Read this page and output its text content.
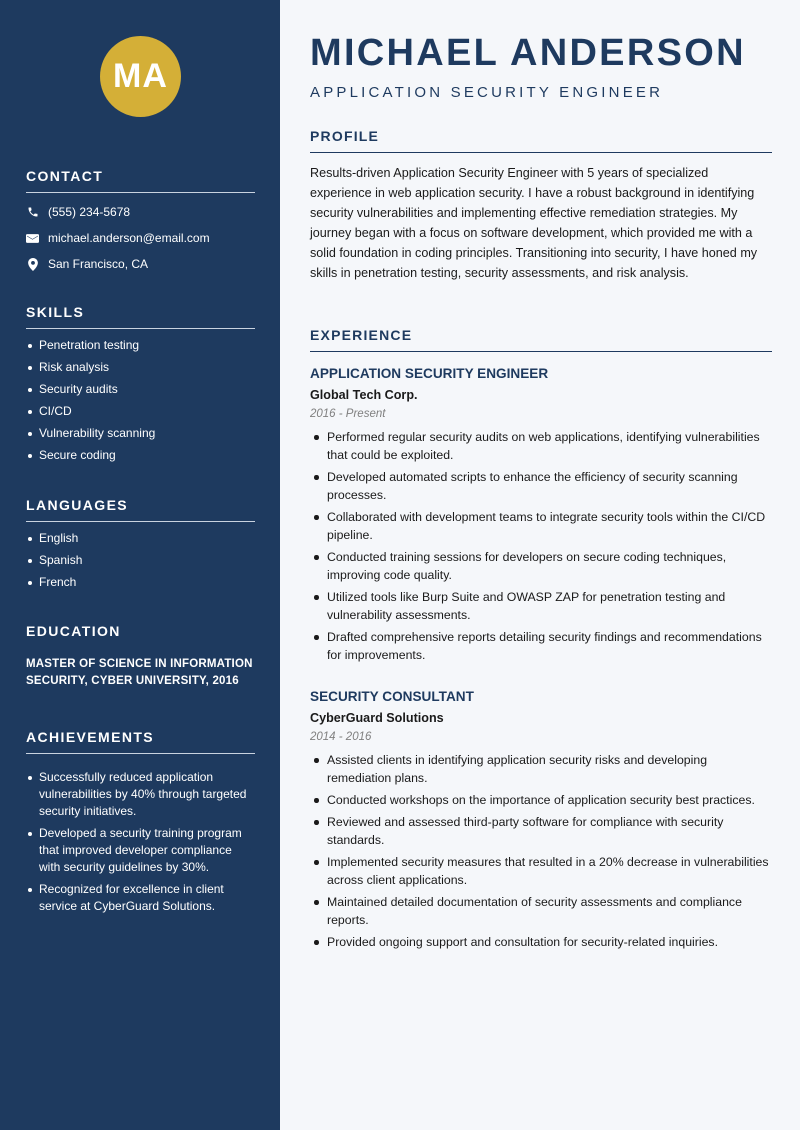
MA
CONTACT
(555) 234-5678
michael.anderson@email.com
San Francisco, CA
SKILLS
Penetration testing
Risk analysis
Security audits
CI/CD
Vulnerability scanning
Secure coding
LANGUAGES
English
Spanish
French
EDUCATION
MASTER OF SCIENCE IN INFORMATION SECURITY, CYBER UNIVERSITY, 2016
ACHIEVEMENTS
Successfully reduced application vulnerabilities by 40% through targeted security initiatives.
Developed a security training program that improved developer compliance with security guidelines by 30%.
Recognized for excellence in client service at CyberGuard Solutions.
MICHAEL ANDERSON
APPLICATION SECURITY ENGINEER
PROFILE
Results-driven Application Security Engineer with 5 years of specialized experience in web application security. I have a robust background in identifying security vulnerabilities and implementing effective remediation strategies. My journey began with a focus on software development, which provided me with a solid foundation in coding principles. Transitioning into security, I have honed my skills in penetration testing, security assessments, and risk analysis.
EXPERIENCE
APPLICATION SECURITY ENGINEER
Global Tech Corp.
2016 - Present
Performed regular security audits on web applications, identifying vulnerabilities that could be exploited.
Developed automated scripts to enhance the efficiency of security scanning processes.
Collaborated with development teams to integrate security tools within the CI/CD pipeline.
Conducted training sessions for developers on secure coding techniques, improving code quality.
Utilized tools like Burp Suite and OWASP ZAP for penetration testing and vulnerability assessments.
Drafted comprehensive reports detailing security findings and recommendations for improvements.
SECURITY CONSULTANT
CyberGuard Solutions
2014 - 2016
Assisted clients in identifying application security risks and developing remediation plans.
Conducted workshops on the importance of application security best practices.
Reviewed and assessed third-party software for compliance with security standards.
Implemented security measures that resulted in a 20% decrease in vulnerabilities across client applications.
Maintained detailed documentation of security assessments and compliance reports.
Provided ongoing support and consultation for security-related inquiries.
